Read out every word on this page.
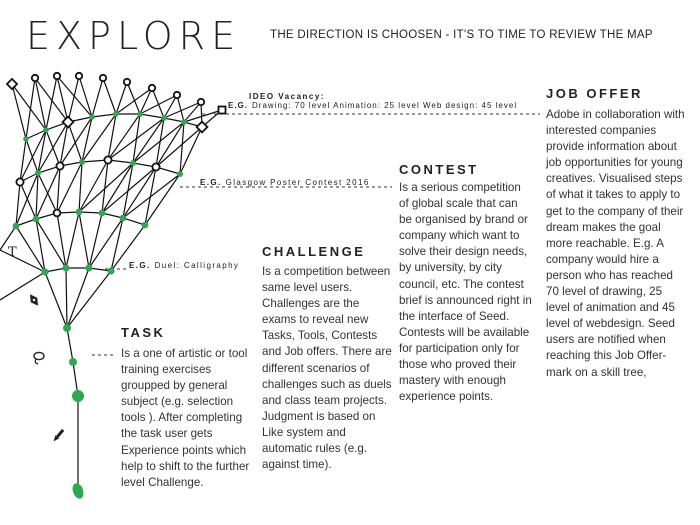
EXPLORE	THE DIRECTION IS CHOOSEN - IT'S TO TIME TO REVIEW THE MAP
T
IDEO Vacancy:
E.G. Drawing: 70 level Animation: 25 level Web design: 45 level
E.G. Glasgow Poster Contest 2016
E.G. Duel: Calligraphy
JOB OFFER
Adobe in collaboration with interested companies provide information about job opportunities for young creatives. Visualised steps of what it takes to apply to get to the company of their dream makes the goal more reachable. E.g. A company would hire a person who has reached 70 level of drawing, 25 level of animation and 45 level of webdesign. Seed users are notified when reaching this Job Offer-mark on a skill tree,
CONTEST
Is a serious competition of global scale that can be organised by brand or company which want to solve their design needs, by university, by city council, etc. The contest brief is announced right in the interface of Seed. Contests will be available for participation only for those who proved their mastery with enough experience points.
CHALLENGE
Is a competition between same level users. Challenges are the exams to reveal new Tasks, Tools, Contests and Job offers. There are different scenarios of challenges such as duels and class team projects. Judgment is based on Like system and automatic rules (e.g. against time).
TASK
Is a one of artistic or tool training exercises groupped by general subject (e.g. selection tools ). After completing the task user gets Experience points which help to shift to the further level Challenge.
